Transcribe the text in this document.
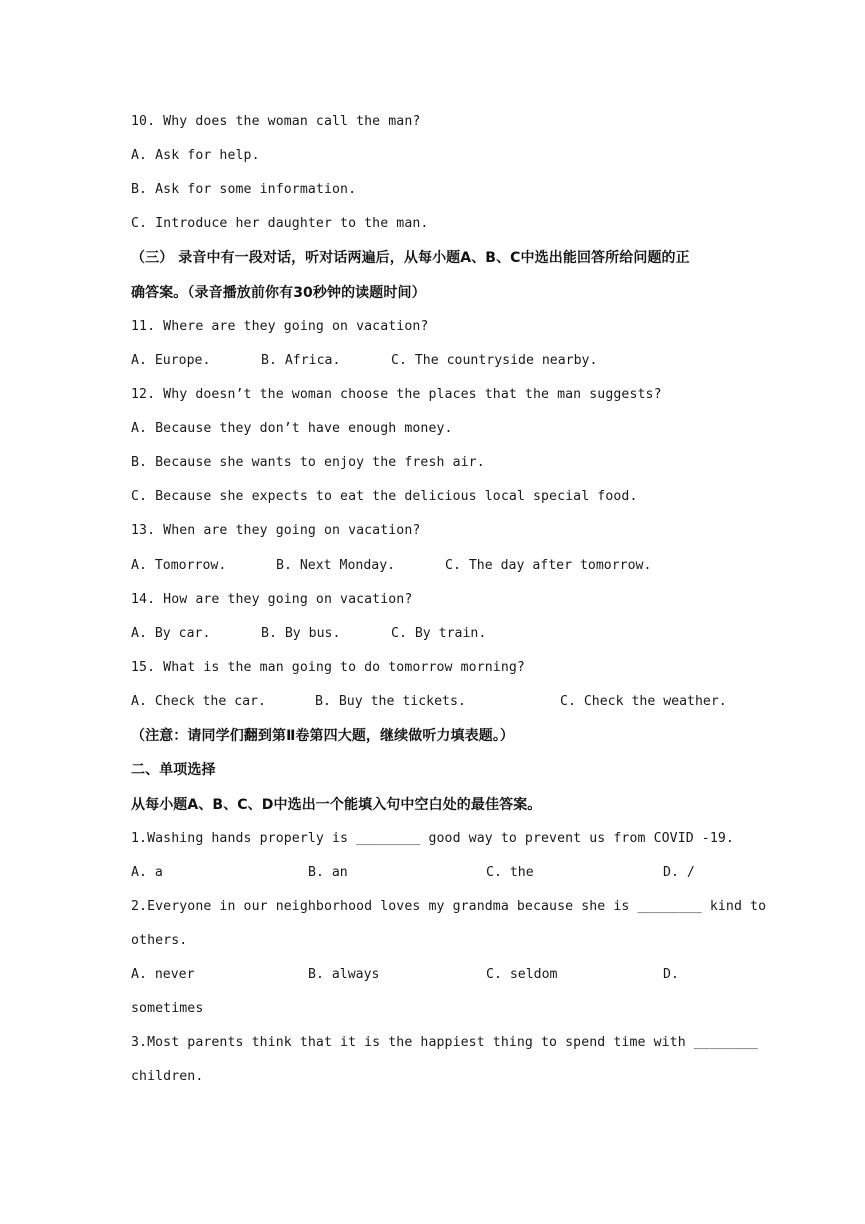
10. Why does the woman call the man?
A. Ask for help.
B. Ask for some information.
C. Introduce her daughter to the man.
（三） 录音中有一段对话，听对话两遍后，从每小题A、B、C中选出能回答所给问题的正
确答案。（录音播放前你有30秒钟的读题时间）
11. Where are they going on vacation?
A. Europe.	B. Africa.	C. The countryside nearby.
12. Why doesn’t the woman choose the places that the man suggests?
A. Because they don’t have enough money.
B. Because she wants to enjoy the fresh air.
C. Because she expects to eat the delicious local special food.
13. When are they going on vacation?
A. Tomorrow.	B. Next Monday.	C. The day after tomorrow.
14. How are they going on vacation?
A. By car.	B. By bus.	C. By train.
15. What is the man going to do tomorrow morning?
A. Check the car.	B. Buy the tickets.	C. Check the weather.
（注意：请同学们翻到第Ⅱ卷第四大题，继续做听力填表题。）
二、单项选择
从每小题A、B、C、D中选出一个能填入句中空白处的最佳答案。
1.Washing hands properly is ________ good way to prevent us from COVID -19.
A. a	B. an	C. the	D. /
2.Everyone in our neighborhood loves my grandma because she is ________ kind to
others.
A. never	B. always	C. seldom	D.
sometimes
3.Most parents think that it is the happiest thing to spend time with ________
children.
